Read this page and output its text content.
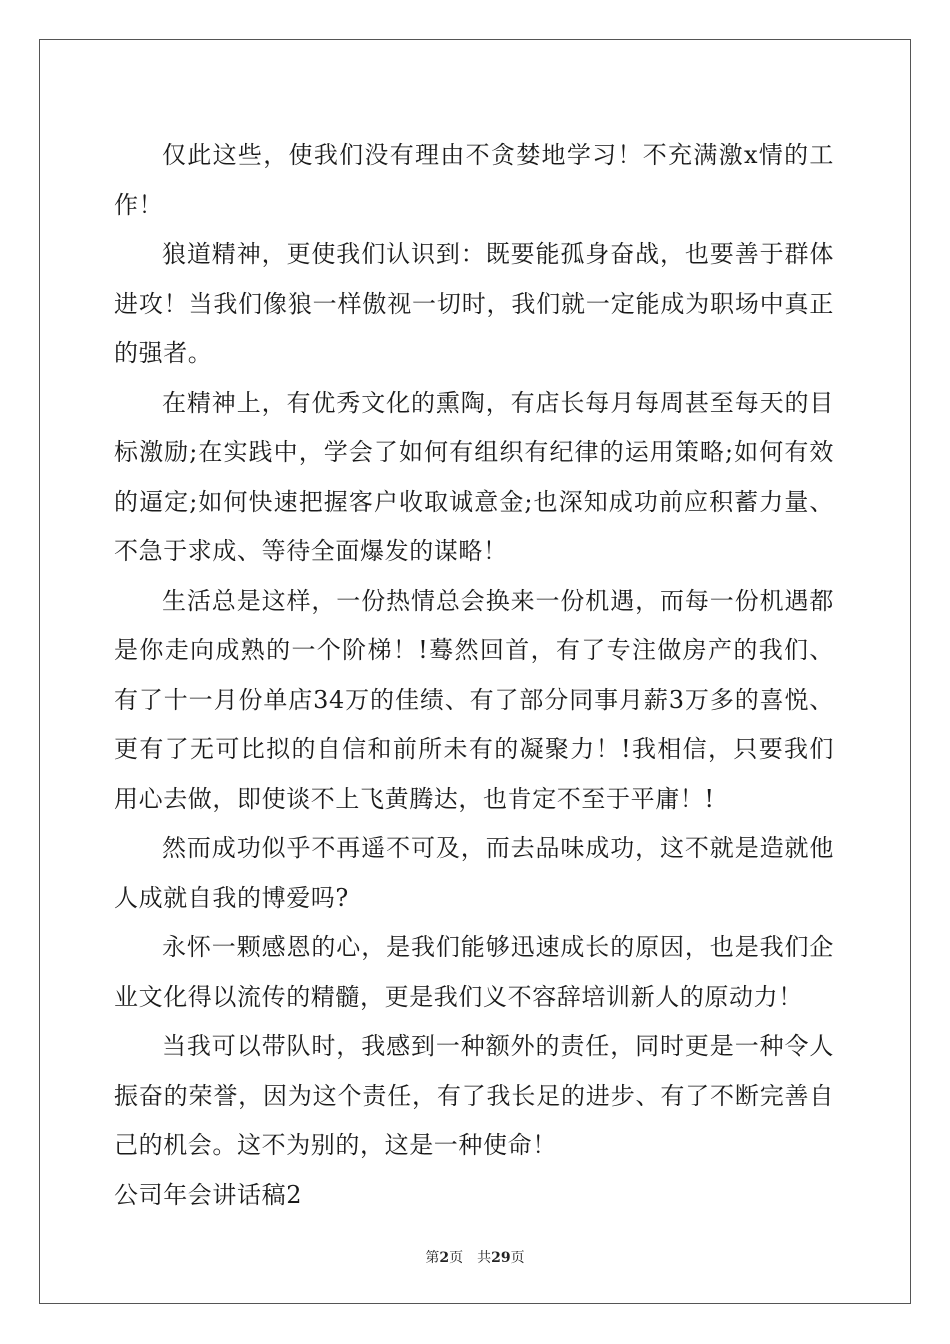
仅此这些，使我们没有理由不贪婪地学习！不充满激x情的工作！

狼道精神，更使我们认识到：既要能孤身奋战，也要善于群体进攻！当我们像狼一样傲视一切时，我们就一定能成为职场中真正的强者。

在精神上，有优秀文化的熏陶，有店长每月每周甚至每天的目标激励;在实践中，学会了如何有组织有纪律的运用策略;如何有效的逼定;如何快速把握客户收取诚意金;也深知成功前应积蓄力量、不急于求成、等待全面爆发的谋略！

生活总是这样，一份热情总会换来一份机遇，而每一份机遇都是你走向成熟的一个阶梯！!蓦然回首，有了专注做房产的我们、有了十一月份单店34万的佳绩、有了部分同事月薪3万多的喜悦、更有了无可比拟的自信和前所未有的凝聚力！!我相信，只要我们用心去做，即使谈不上飞黄腾达，也肯定不至于平庸！!

然而成功似乎不再遥不可及，而去品味成功，这不就是造就他人成就自我的博爱吗?

永怀一颗感恩的心，是我们能够迅速成长的原因，也是我们企业文化得以流传的精髓，更是我们义不容辞培训新人的原动力！

当我可以带队时，我感到一种额外的责任，同时更是一种令人振奋的荣誉，因为这个责任，有了我长足的进步、有了不断完善自己的机会。这不为别的，这是一种使命！

公司年会讲话稿2

第2页 共29页
